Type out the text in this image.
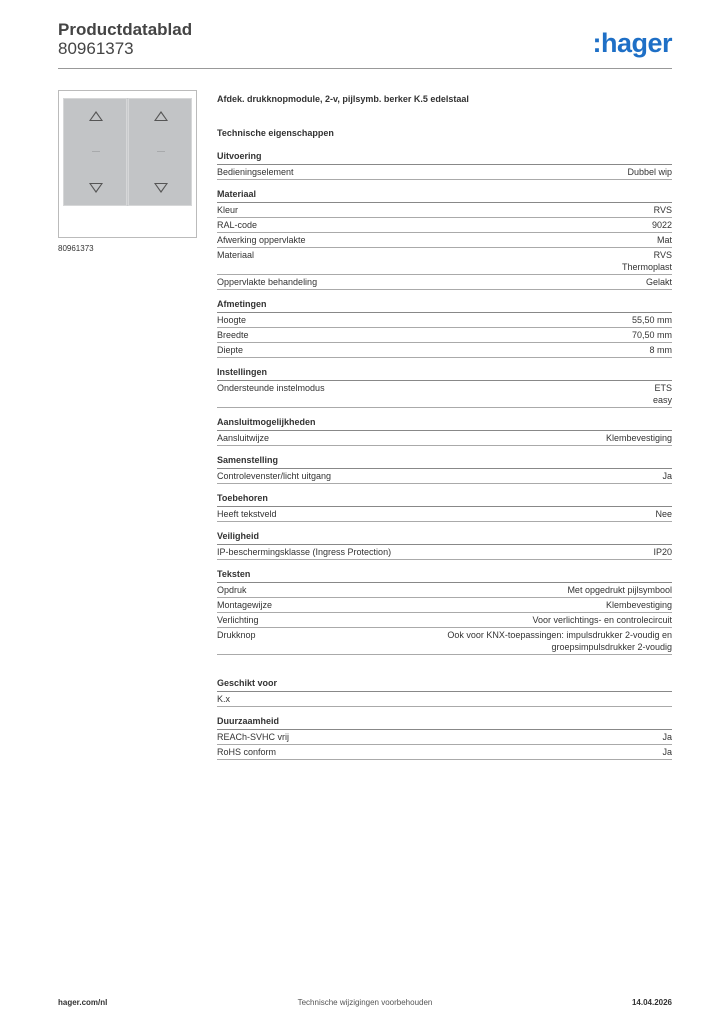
Productdatablad
80961373	:hager
80961373
Afdek. drukknopmodule, 2-v, pijlsymb. berker K.5 edelstaal
Technische eigenschappen
Uitvoering
Bedieningselement	Dubbel wip
Materiaal
Kleur	RVS
RAL-code	9022
Afwerking oppervlakte	Mat
Materiaal	RVS
Thermoplast
Oppervlakte behandeling	Gelakt
Afmetingen
Hoogte	55,50 mm
Breedte	70,50 mm
Diepte	8 mm
Instellingen
Ondersteunde instelmodus	ETS
easy
Aansluitmogelijkheden
Aansluitwijze	Klembevestiging
Samenstelling
Controlevenster/licht uitgang	Ja
Toebehoren
Heeft tekstveld	Nee
Veiligheid
IP-beschermingsklasse (Ingress Protection)	IP20
Teksten
Opdruk	Met opgedrukt pijlsymbool
Montagewijze	Klembevestiging
Verlichting	Voor verlichtings- en controlecircuit
Drukknop	Ook voor KNX-toepassingen: impulsdrukker 2-voudig en
groepsimpulsdrukker 2-voudig
Geschikt voor
K.x
Duurzaamheid
REACh-SVHC vrij	Ja
RoHS conform	Ja
hager.com/nl	Technische wijzigingen voorbehouden	14.04.2026
